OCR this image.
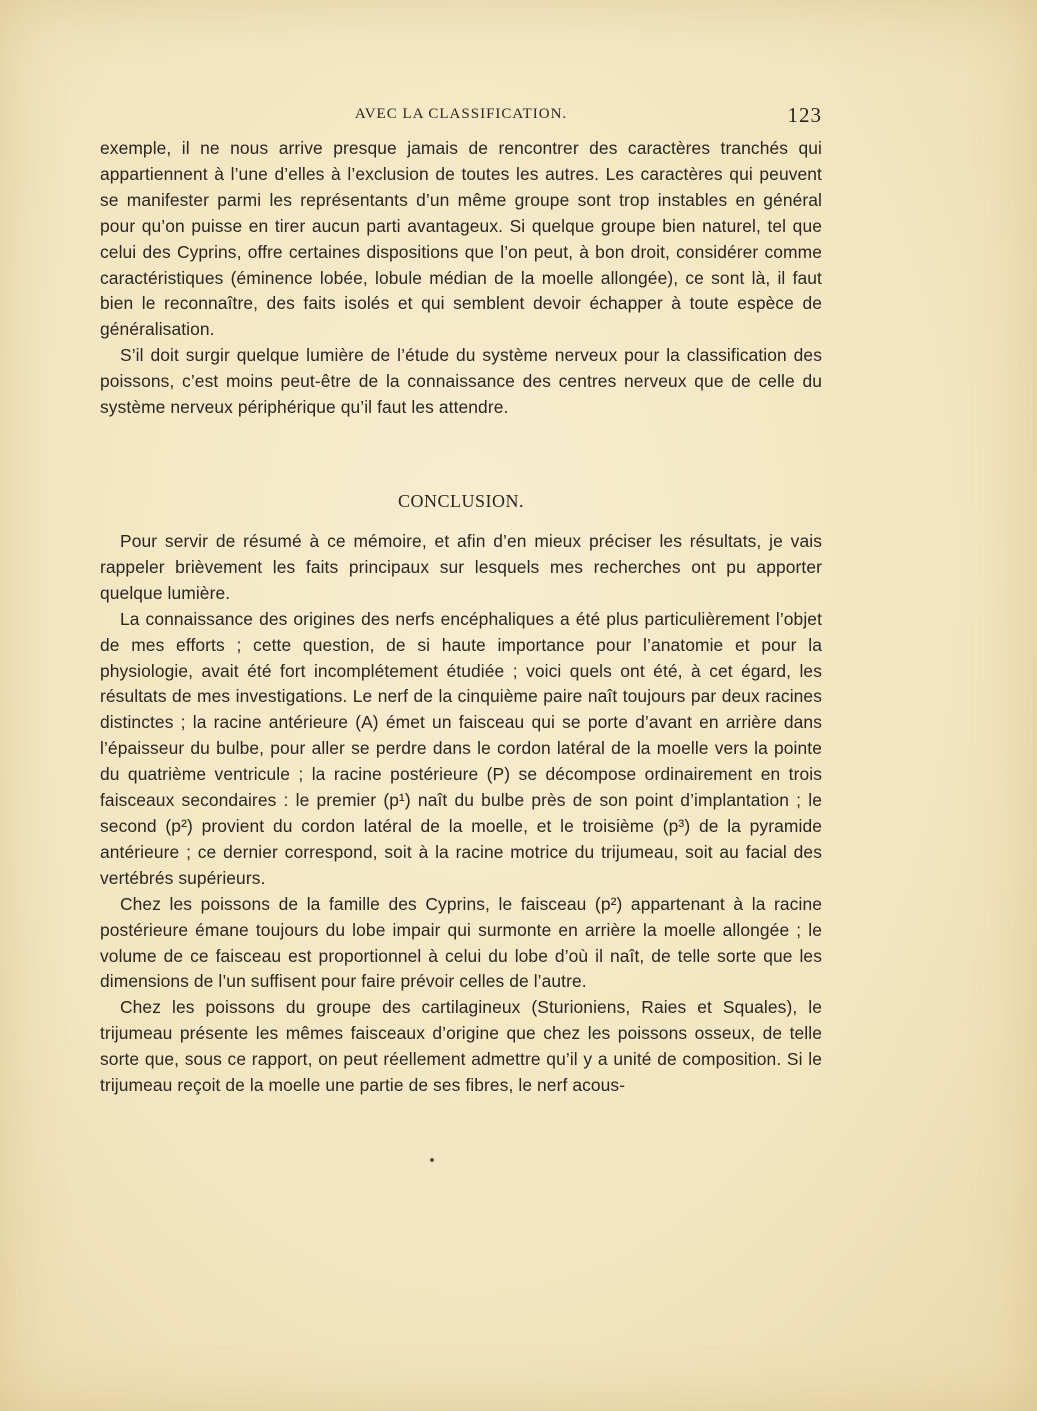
AVEC LA CLASSIFICATION.	123

exemple, il ne nous arrive presque jamais de rencontrer des caractères tranchés qui appartiennent à l’une d’elles à l’exclusion de toutes les autres. Les caractères qui peuvent se manifester parmi les représentants d’un même groupe sont trop instables en général pour qu’on puisse en tirer aucun parti avantageux. Si quelque groupe bien naturel, tel que celui des Cyprins, offre certaines dispositions que l’on peut, à bon droit, considérer comme caractéristiques (éminence lobée, lobule médian de la moelle allongée), ce sont là, il faut bien le reconnaître, des faits isolés et qui semblent devoir échapper à toute espèce de généralisation.

S’il doit surgir quelque lumière de l’étude du système nerveux pour la classification des poissons, c’est moins peut-être de la connaissance des centres nerveux que de celle du système nerveux périphérique qu’il faut les attendre.

CONCLUSION.

Pour servir de résumé à ce mémoire, et afin d’en mieux préciser les résultats, je vais rappeler brièvement les faits principaux sur lesquels mes recherches ont pu apporter quelque lumière.

La connaissance des origines des nerfs encéphaliques a été plus particulièrement l’objet de mes efforts ; cette question, de si haute importance pour l’anatomie et pour la physiologie, avait été fort incomplétement étudiée ; voici quels ont été, à cet égard, les résultats de mes investigations. Le nerf de la cinquième paire naît toujours par deux racines distinctes ; la racine antérieure (A) émet un faisceau qui se porte d’avant en arrière dans l’épaisseur du bulbe, pour aller se perdre dans le cordon latéral de la moelle vers la pointe du quatrième ventricule ; la racine postérieure (P) se décompose ordinairement en trois faisceaux secondaires : le premier (p¹) naît du bulbe près de son point d’implantation ; le second (p²) provient du cordon latéral de la moelle, et le troisième (p³) de la pyramide antérieure ; ce dernier correspond, soit à la racine motrice du trijumeau, soit au facial des vertébrés supérieurs.

Chez les poissons de la famille des Cyprins, le faisceau (p²) appartenant à la racine postérieure émane toujours du lobe impair qui surmonte en arrière la moelle allongée ; le volume de ce faisceau est proportionnel à celui du lobe d’où il naît, de telle sorte que les dimensions de l’un suffisent pour faire prévoir celles de l’autre.

Chez les poissons du groupe des cartilagineux (Sturioniens, Raies et Squales), le trijumeau présente les mêmes faisceaux d’origine que chez les poissons osseux, de telle sorte que, sous ce rapport, on peut réellement admettre qu’il y a unité de composition. Si le trijumeau reçoit de la moelle une partie de ses fibres, le nerf acous-
